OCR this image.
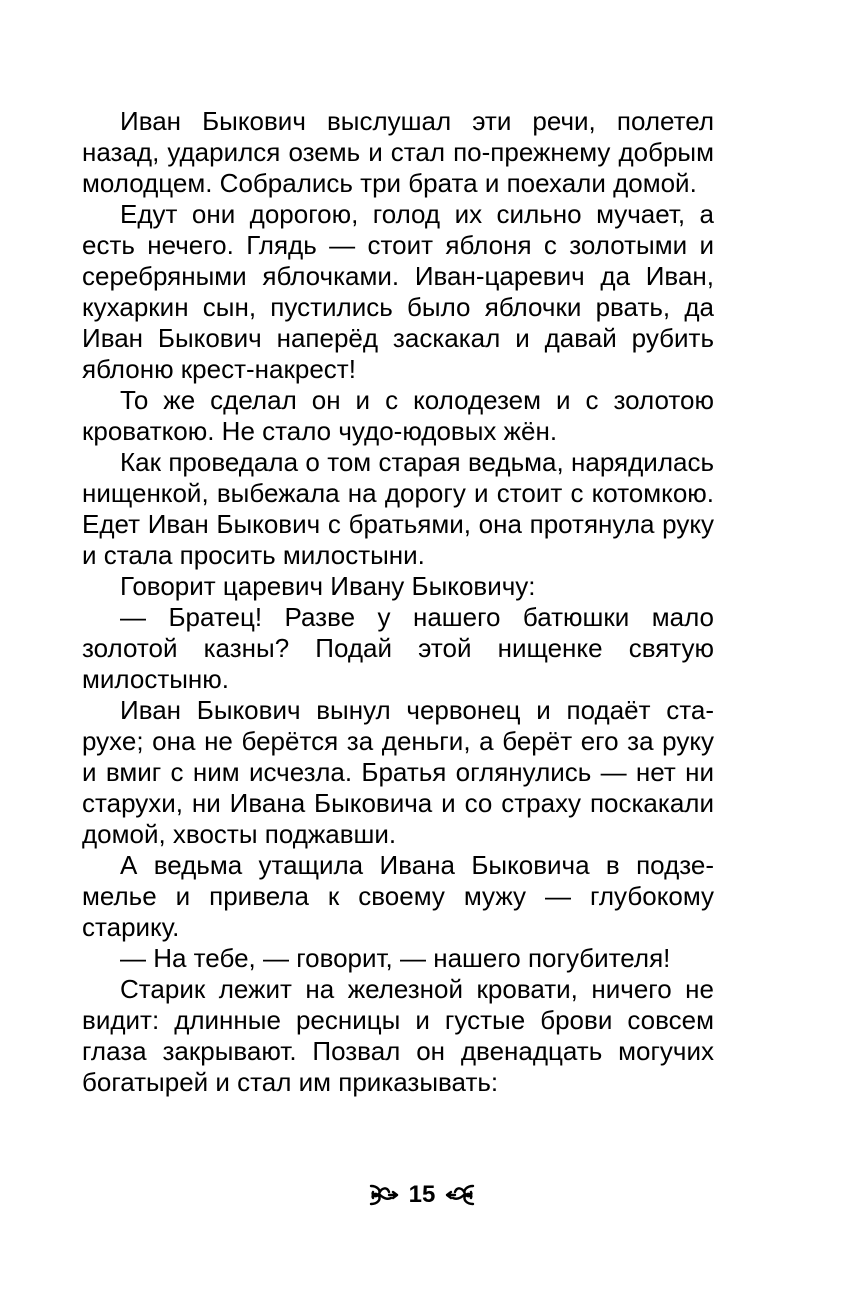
Иван Быкович выслушал эти речи, полетел назад, ударился оземь и стал по-прежнему добрым молодцем. Собрались три брата и поехали домой.

Едут они дорогою, голод их сильно мучает, а есть нечего. Глядь — стоит яблоня с золотыми и серебряными яблочками. Иван-царевич да Иван, кухаркин сын, пустились было яблочки рвать, да Иван Быкович наперёд заскакал и давай рубить яблоню крест-накрест!

То же сделал он и с колодезем и с золотою кроваткою. Не стало чудо-юдовых жён.

Как проведала о том старая ведьма, нарядилась нищенкой, выбежала на дорогу и стоит с котомкою. Едет Иван Быкович с братьями, она протянула руку и стала просить милостыни.

Говорит царевич Ивану Быковичу:

— Братец! Разве у нашего батюшки мало золотой казны? Подай этой нищенке святую милостыню.

Иван Быкович вынул червонец и подаёт старухе; она не берётся за деньги, а берёт его за руку и вмиг с ним исчезла. Братья оглянулись — нет ни старухи, ни Ивана Быковича и со страху поскакали домой, хвосты поджавши.

А ведьма утащила Ивана Быковича в подземелье и привела к своему мужу — глубокому старику.

— На тебе, — говорит, — нашего погубителя!

Старик лежит на железной кровати, ничего не видит: длинные ресницы и густые брови совсем глаза закрывают. Позвал он двенадцать могучих богатырей и стал им приказывать:

15
